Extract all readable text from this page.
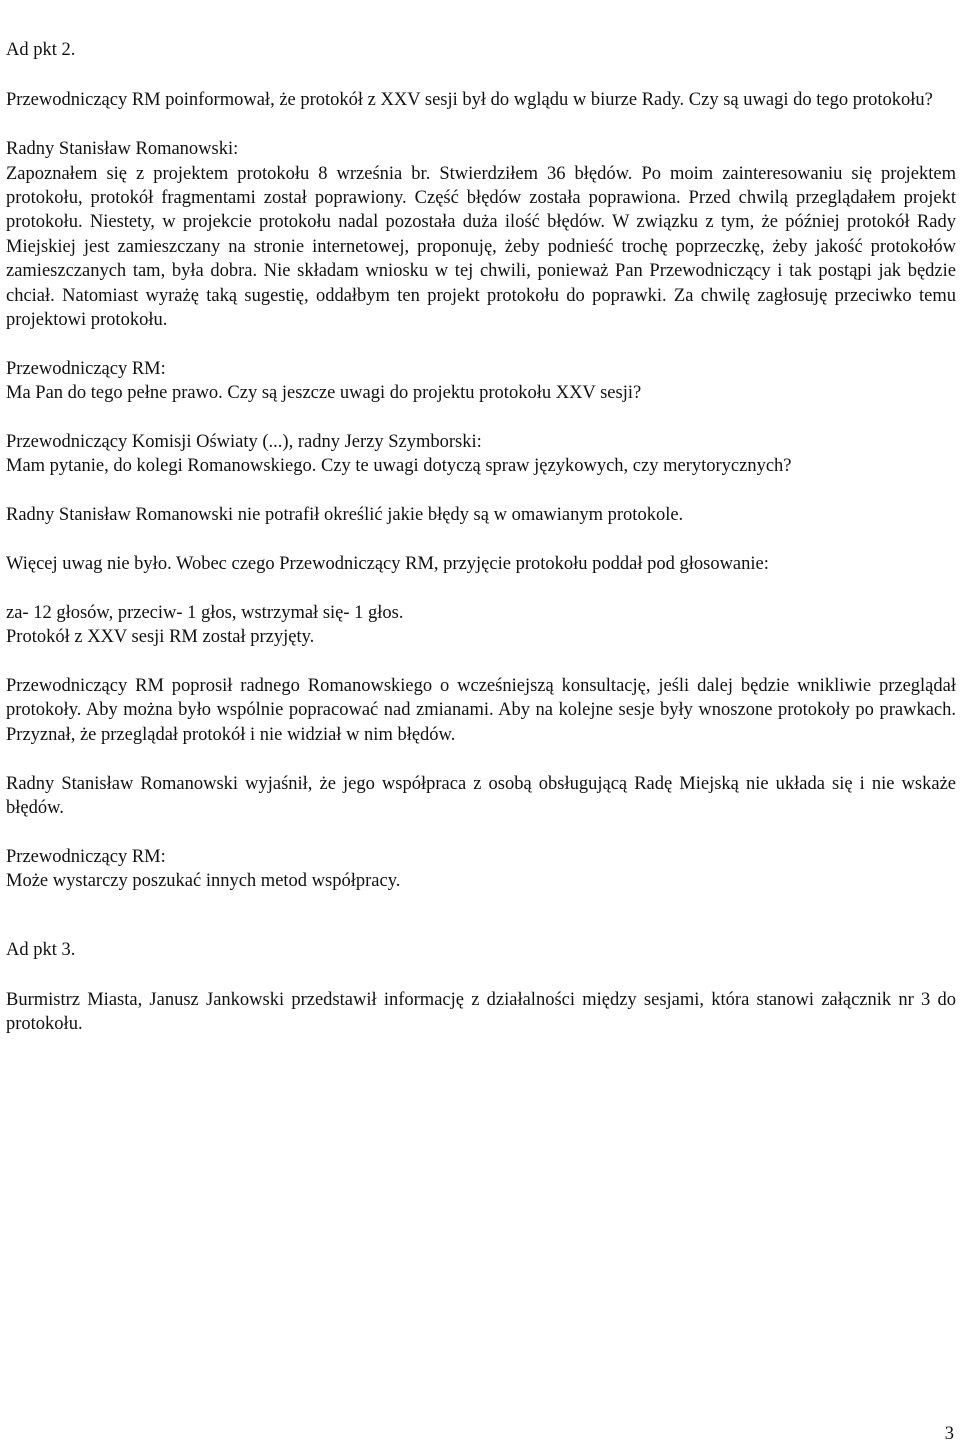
Ad pkt 2.

Przewodniczący RM poinformował, że protokół z XXV sesji był do wglądu w biurze Rady. Czy są uwagi do tego protokołu?

Radny Stanisław Romanowski:

Zapoznałem się z projektem protokołu 8 września br. Stwierdziłem 36 błędów. Po moim zainteresowaniu się projektem protokołu, protokół fragmentami został poprawiony. Część błędów została poprawiona. Przed chwilą przeglądałem projekt protokołu. Niestety, w projekcie protokołu nadal pozostała duża ilość błędów. W związku z tym, że później protokół Rady Miejskiej jest zamieszczany na stronie internetowej, proponuję, żeby podnieść trochę poprzeczkę, żeby jakość protokołów zamieszczanych tam, była dobra. Nie składam wniosku w tej chwili, ponieważ Pan Przewodniczący i tak postąpi jak będzie chciał. Natomiast wyrażę taką sugestię, oddałbym ten projekt protokołu do poprawki. Za chwilę zagłosuję przeciwko temu projektowi protokołu.

Przewodniczący RM:

Ma Pan do tego pełne prawo. Czy są jeszcze uwagi do projektu protokołu XXV sesji?

Przewodniczący Komisji Oświaty (...), radny Jerzy Szymborski:

Mam pytanie, do kolegi Romanowskiego. Czy te uwagi dotyczą spraw językowych, czy merytorycznych?

Radny Stanisław Romanowski nie potrafił określić jakie błędy są w omawianym protokole.

Więcej uwag nie było. Wobec czego Przewodniczący RM, przyjęcie protokołu poddał pod głosowanie:

za- 12 głosów, przeciw- 1 głos, wstrzymał się- 1 głos.

Protokół z XXV sesji RM został przyjęty.

Przewodniczący RM poprosił radnego Romanowskiego o wcześniejszą konsultację, jeśli dalej będzie wnikliwie przeglądał protokoły. Aby można było wspólnie popracować nad zmianami. Aby na kolejne sesje były wnoszone protokoły po prawkach. Przyznał, że przeglądał protokół i nie widział w nim błędów.

Radny Stanisław Romanowski wyjaśnił, że jego współpraca z osobą obsługującą Radę Miejską nie układa się i nie wskaże błędów.

Przewodniczący RM:

Może wystarczy poszukać innych metod współpracy.

Ad pkt 3.

Burmistrz Miasta, Janusz Jankowski przedstawił informację z działalności między sesjami, która stanowi załącznik nr 3 do protokołu.

3
